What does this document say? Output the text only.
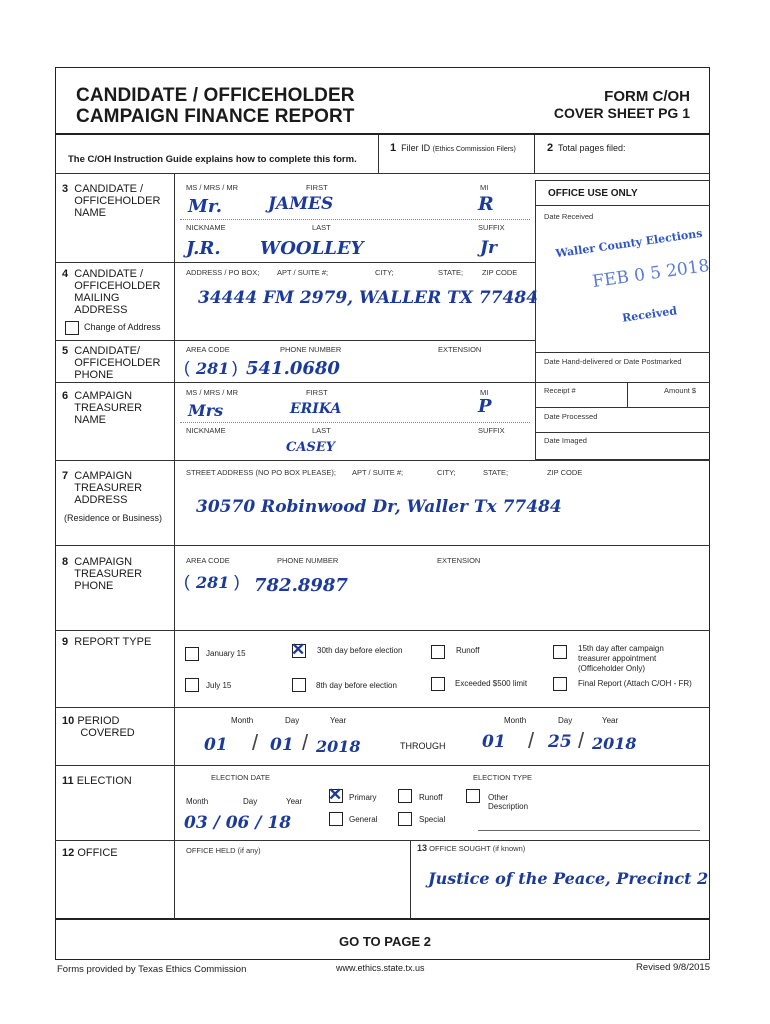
CANDIDATE / OFFICEHOLDER
CAMPAIGN FINANCE REPORT
FORM C/OH
COVER SHEET PG 1
The C/OH Instruction Guide explains how to complete this form.
1 Filer ID (Ethics Commission Filers)	2 Total pages filed:
OFFICE USE ONLY
Date Received
Waller County Elections
FEB 0 5 2018
Received
Date Hand-delivered or Date Postmarked
Receipt #	Amount $
Date Processed
Date Imaged
3 CANDIDATE /
OFFICEHOLDER
NAME
MS / MRS / MR	FIRST	MI
Mr.	JAMES	R
NICKNAME	LAST	SUFFIX
J.R. WOOLLEY	Jr
4 CANDIDATE /
OFFICEHOLDER
MAILING
ADDRESS
Change of Address
ADDRESS / PO BOX; APT / SUITE #;	CITY;	STATE;	ZIP CODE
34444 FM 2979, WALLER TX 77484
5 CANDIDATE/
OFFICEHOLDER
PHONE
AREA CODE	PHONE NUMBER	EXTENSION
( 281 ) 541.0680
6 CAMPAIGN
TREASURER
NAME
MS / MRS / MR	FIRST	MI
Mrs	ERIKA	P
NICKNAME	LAST	SUFFIX
CASEY
7 CAMPAIGN
TREASURER
ADDRESS
(Residence or Business)
STREET ADDRESS (NO PO BOX PLEASE); APT / SUITE #;	CITY;	STATE;	ZIP CODE
30570 Robinwood Dr, Waller Tx 77484
8 CAMPAIGN
TREASURER
PHONE
AREA CODE	PHONE NUMBER	EXTENSION
( 281 ) 782.8987
9 REPORT TYPE
January 15
✕	30th day before election	Runoff	15th day after campaign
treasurer appointment
(Officeholder Only)
July 15	8th day before election	Exceeded $500 limit	Final Report (Attach C/OH - FR)
10 PERIOD
COVERED
Month	Day	Year	Month	Day	Year
01 / 01 / 2018	THROUGH 01 / 25 / 2018
11 ELECTION	ELECTION DATE	ELECTION TYPE
Month	Day	Year
03 / 06 / 18
✕
Primary	Runoff	Other
Description
General	Special
12 OFFICE	OFFICE HELD (if any)	13 OFFICE SOUGHT (if known)
Justice of the Peace, Precinct 2
GO TO PAGE 2
Forms provided by Texas Ethics Commission	www.ethics.state.tx.us	Revised 9/8/2015
